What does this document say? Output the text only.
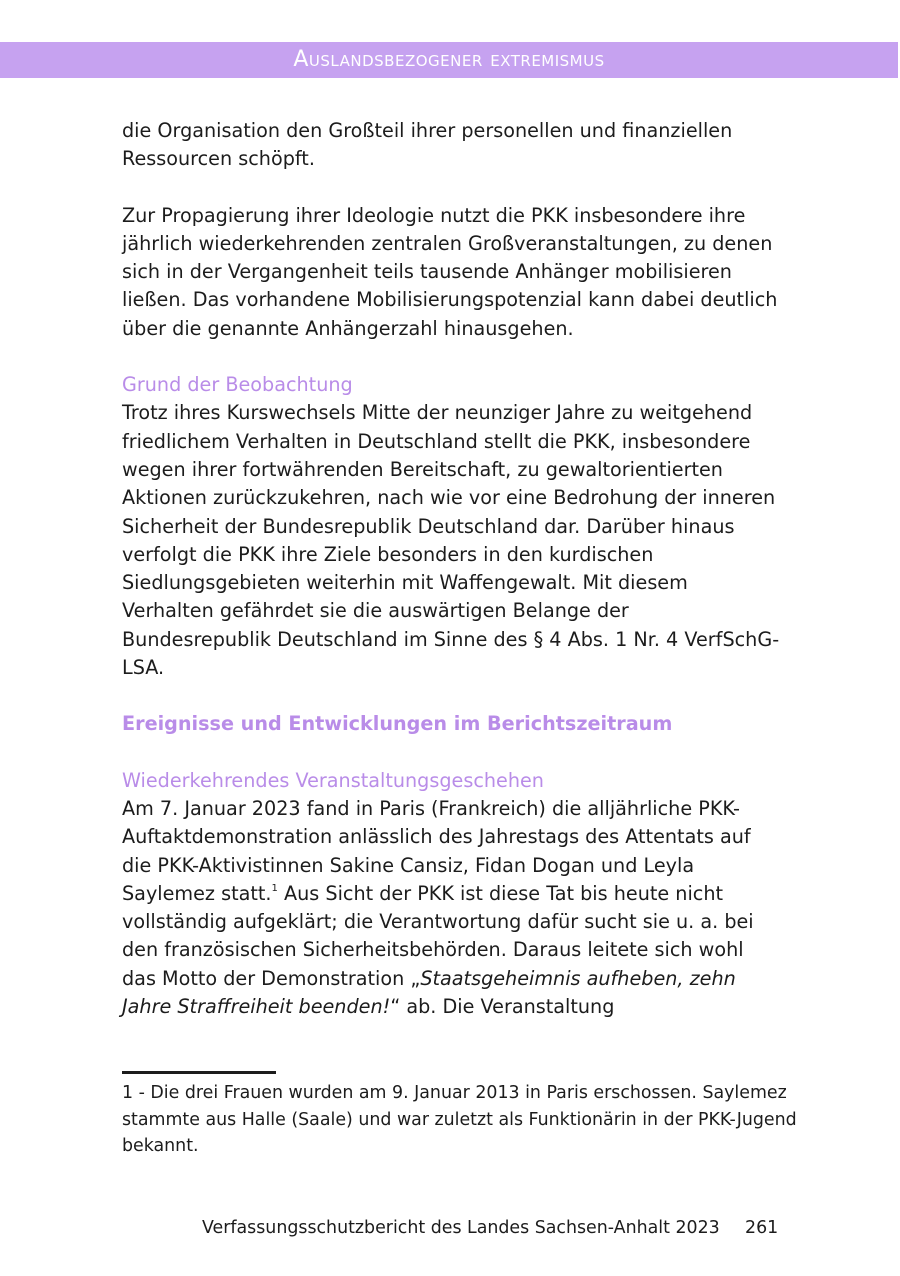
Auslandsbezogener extremismus

die Organisation den Großteil ihrer personellen und finanziellen Ressourcen schöpft.

Zur Propagierung ihrer Ideologie nutzt die PKK insbesondere ihre jährlich wiederkehrenden zentralen Großveranstaltungen, zu denen sich in der Vergangenheit teils tausende Anhänger mobilisieren ließen. Das vorhandene Mobilisierungspotenzial kann dabei deutlich über die genannte Anhängerzahl hinausgehen.

Grund der Beobachtung

Trotz ihres Kurswechsels Mitte der neunziger Jahre zu weitgehend friedlichem Verhalten in Deutschland stellt die PKK, insbesondere wegen ihrer fortwährenden Bereitschaft, zu gewaltorientierten Aktionen zurückzukehren, nach wie vor eine Bedrohung der inneren Sicherheit der Bundesrepublik Deutschland dar. Darüber hinaus verfolgt die PKK ihre Ziele besonders in den kurdischen Siedlungsgebieten weiterhin mit Waffengewalt. Mit diesem Verhalten gefährdet sie die auswärtigen Belange der Bundesrepublik Deutschland im Sinne des § 4 Abs. 1 Nr. 4 VerfSchG-LSA.

Ereignisse und Entwicklungen im Berichtszeitraum

Wiederkehrendes Veranstaltungsgeschehen

Am 7. Januar 2023 fand in Paris (Frankreich) die alljährliche PKK-Auftaktdemonstration anlässlich des Jahrestags des Attentats auf die PKK-Aktivistinnen Sakine Cansiz, Fidan Dogan und Leyla Saylemez statt.$^1$ Aus Sicht der PKK ist diese Tat bis heute nicht vollständig aufgeklärt; die Verantwortung dafür sucht sie u. a. bei den französischen Sicherheitsbehörden. Daraus leitete sich wohl das Motto der Demonstration „Staatsgeheimnis aufheben, zehn Jahre Straffreiheit beenden!“ ab. Die Veranstaltung

1 - Die drei Frauen wurden am 9. Januar 2013 in Paris erschossen. Saylemez stammte aus Halle (Saale) und war zuletzt als Funktionärin in der PKK-Jugend bekannt.

Verfassungsschutzbericht des Landes Sachsen-Anhalt 2023 261
